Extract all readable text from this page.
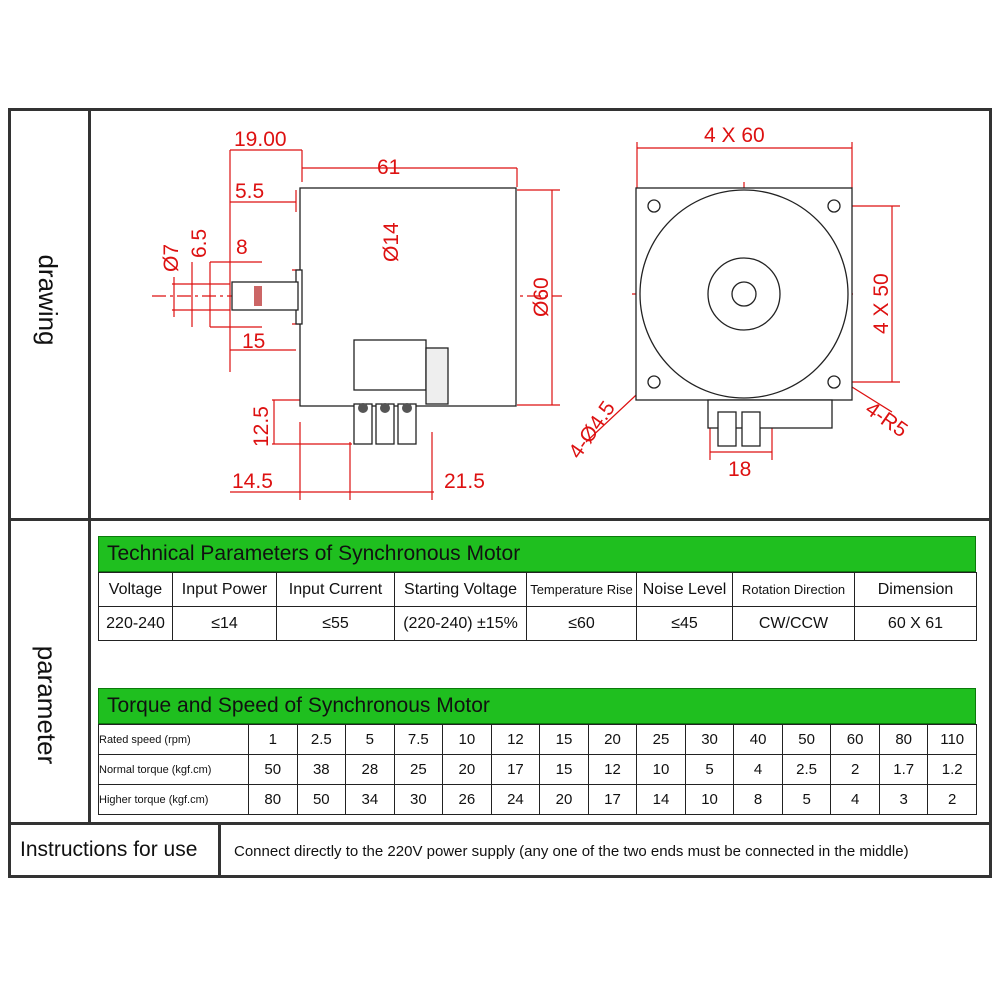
drawing
parameter
19.00
61
5.5
8
15
14.5	21.5
Ø7 6.5	Ø14
Ø60
12.5
4 X 60
18
4 X 50
4-Ø4.5	4-R5
Technical Parameters of Synchronous Motor
Voltage	Input Power	Input Current	Starting Voltage	Temperature Rise	Noise Level	Rotation Direction	Dimension
220-240	≤14	≤55	(220-240) ±15%	≤60	≤45	CW/CCW	60 X 61
Torque and Speed of Synchronous Motor
Rated speed (rpm)	1	2.5	5	7.5	10	12	15	20	25	30	40	50	60	80	110
Normal torque (kgf.cm)	50	38	28	25	20	17	15	12	10	5	4	2.5	2	1.7	1.2
Higher torque (kgf.cm)	80	50	34	30	26	24	20	17	14	10	8	5	4	3	2
Instructions for use Connect directly to the 220V power supply (any one of the two ends must be connected in the middle)
